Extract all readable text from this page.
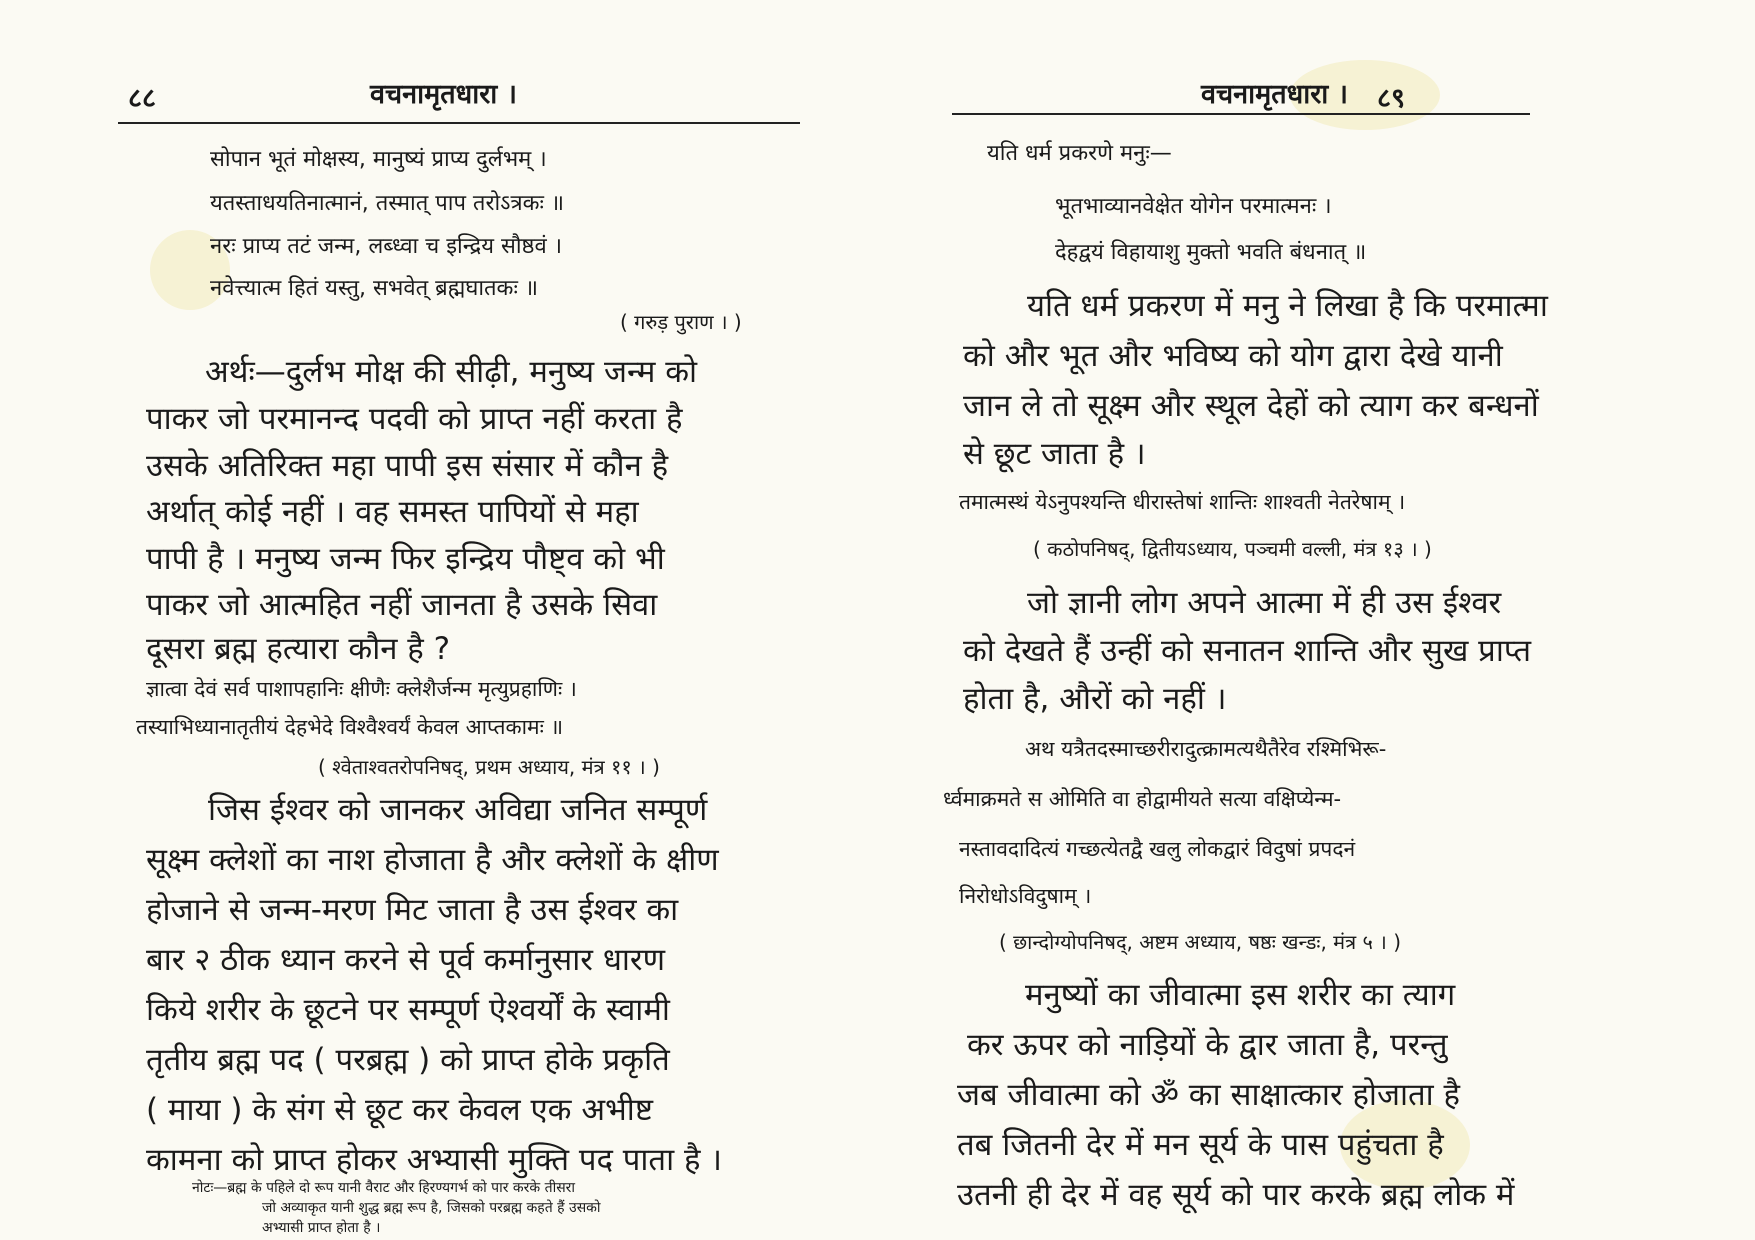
८८	वचनामृतधारा ।
सोपान भूतं मोक्षस्य, मानुष्यं प्राप्य दुर्लभम् ।
यतस्ताधयतिनात्मानं, तस्मात् पाप तरोऽत्रकः ॥
नरः प्राप्य तटं जन्म, लब्ध्वा च इन्द्रिय सौष्ठवं ।
नवेत्त्यात्म हितं यस्तु, सभवेत् ब्रह्मघातकः ॥
( गरुड़ पुराण । )
अर्थः—दुर्लभ मोक्ष की सीढ़ी, मनुष्य जन्म को
पाकर जो परमानन्द पदवी को प्राप्त नहीं करता है
उसके अतिरिक्त महा पापी इस संसार में कौन है
अर्थात् कोई नहीं । वह समस्त पापियों से महा
पापी है । मनुष्य जन्म फिर इन्द्रिय पौष्ट्व को भी
पाकर जो आत्महित नहीं जानता है उसके सिवा
दूसरा ब्रह्म हत्यारा कौन है ?
ज्ञात्वा देवं सर्व पाशापहानिः क्षीणैः क्लेशैर्जन्म मृत्युप्रहाणिः ।
तस्याभिध्यानातृतीयं देहभेदे विश्वैश्वर्यं केवल आप्तकामः ॥
( श्वेताश्वतरोपनिषद्, प्रथम अध्याय, मंत्र ११ । )
जिस ईश्वर को जानकर अविद्या जनित सम्पूर्ण
सूक्ष्म क्लेशों का नाश होजाता है और क्लेशों के क्षीण
होजाने से जन्म-मरण मिट जाता है उस ईश्वर का
बार २ ठीक ध्यान करने से पूर्व कर्मानुसार धारण
किये शरीर के छूटने पर सम्पूर्ण ऐश्वर्यों के स्वामी
तृतीय ब्रह्म पद ( परब्रह्म ) को प्राप्त होके प्रकृति
( माया ) के संग से छूट कर केवल एक अभीष्ट
कामना को प्राप्त होकर अभ्यासी मुक्ति पद पाता है ।
नोटः—ब्रह्म के पहिले दो रूप यानी वैराट और हिरण्यगर्भ को पार करके तीसरा
जो अव्याकृत यानी शुद्ध ब्रह्म रूप है, जिसको परब्रह्म कहते हैं उसको
अभ्यासी प्राप्त होता है ।
वचनामृतधारा । ८९
यति धर्म प्रकरणे मनुः—
भूतभाव्यानवेक्षेत योगेन परमात्मनः ।
देहद्वयं विहायाशु मुक्तो भवति बंधनात् ॥
यति धर्म प्रकरण में मनु ने लिखा है कि परमात्मा
को और भूत और भविष्य को योग द्वारा देखे यानी
जान ले तो सूक्ष्म और स्थूल देहों को त्याग कर बन्धनों
से छूट जाता है ।
तमात्मस्थं येऽनुपश्यन्ति धीरास्तेषां शान्तिः शाश्वती नेतरेषाम् ।
( कठोपनिषद्, द्वितीयऽध्याय, पञ्चमी वल्ली, मंत्र १३ । )
जो ज्ञानी लोग अपने आत्मा में ही उस ईश्वर
को देखते हैं उन्हीं को सनातन शान्ति और सुख प्राप्त
होता है, औरों को नहीं ।
अथ यत्रैतदस्माच्छरीरादुत्क्रामत्यथैतैरेव रश्मिभिरू-
र्ध्वमाक्रमते स ओमिति वा होद्वामीयते सत्या वक्षिप्येन्म-
नस्तावदादित्यं गच्छत्येतद्वै खलु लोकद्वारं विदुषां प्रपदनं
निरोधोऽविदुषाम् ।
( छान्दोग्योपनिषद्, अष्टम अध्याय, षष्ठः खन्डः, मंत्र ५ । )
मनुष्यों का जीवात्मा इस शरीर का त्याग
कर ऊपर को नाड़ियों के द्वार जाता है, परन्तु
जब जीवात्मा को ॐ का साक्षात्कार होजाता है
तब जितनी देर में मन सूर्य के पास पहुंचता है
उतनी ही देर में वह सूर्य को पार करके ब्रह्म लोक में
